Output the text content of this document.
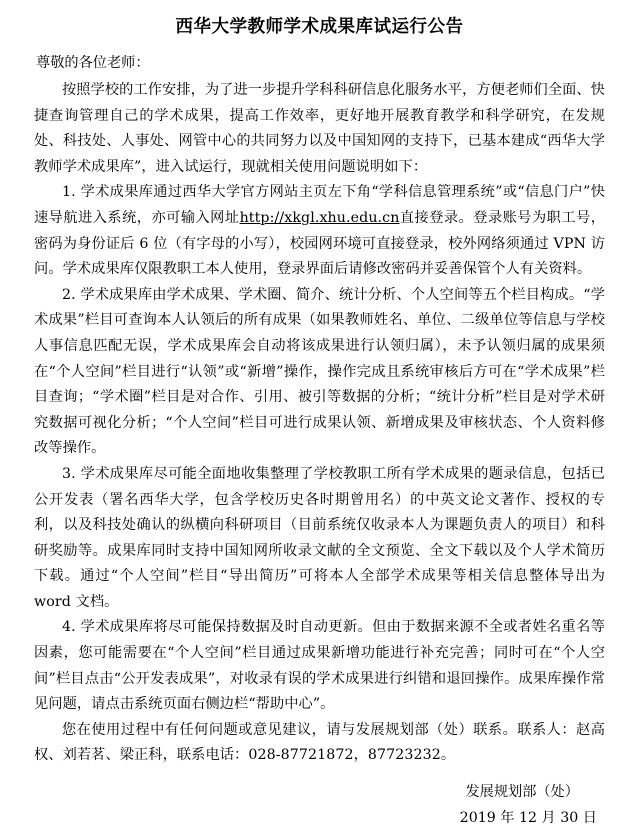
西华大学教师学术成果库试运行公告
尊敬的各位老师：

按照学校的工作安排，为了进一步提升学科科研信息化服务水平，方便老师们全面、快捷查询管理自己的学术成果，提高工作效率，更好地开展教育教学和科学研究，在发规处、科技处、人事处、网管中心的共同努力以及中国知网的支持下，已基本建成“西华大学教师学术成果库”，进入试运行，现就相关使用问题说明如下：

1. 学术成果库通过西华大学官方网站主页左下角“学科信息管理系统”或“信息门户”快速导航进入系统，亦可输入网址http://xkgl.xhu.edu.cn直接登录。登录账号为职工号，密码为身份证后 6 位（有字母的小写），校园网环境可直接登录，校外网络须通过 VPN 访问。学术成果库仅限教职工本人使用，登录界面后请修改密码并妥善保管个人有关资料。

2. 学术成果库由学术成果、学术圈、简介、统计分析、个人空间等五个栏目构成。“学术成果”栏目可查询本人认领后的所有成果（如果教师姓名、单位、二级单位等信息与学校人事信息匹配无误，学术成果库会自动将该成果进行认领归属），未予认领归属的成果须在“个人空间”栏目进行“认领”或“新增”操作，操作完成且系统审核后方可在“学术成果”栏目查询；“学术圈”栏目是对合作、引用、被引等数据的分析；“统计分析”栏目是对学术研究数据可视化分析；“个人空间”栏目可进行成果认领、新增成果及审核状态、个人资料修改等操作。

3. 学术成果库尽可能全面地收集整理了学校教职工所有学术成果的题录信息，包括已公开发表（署名西华大学，包含学校历史各时期曾用名）的中英文论文著作、授权的专利，以及科技处确认的纵横向科研项目（目前系统仅收录本人为课题负责人的项目）和科研奖励等。成果库同时支持中国知网所收录文献的全文预览、全文下载以及个人学术简历下载。通过“个人空间”栏目“导出简历”可将本人全部学术成果等相关信息整体导出为 word 文档。

4. 学术成果库将尽可能保持数据及时自动更新。但由于数据来源不全或者姓名重名等因素，您可能需要在“个人空间”栏目通过成果新增功能进行补充完善；同时可在“个人空间”栏目点击“公开发表成果”，对收录有误的学术成果进行纠错和退回操作。成果库操作常见问题，请点击系统页面右侧边栏“帮助中心”。

您在使用过程中有任何问题或意见建议，请与发展规划部（处）联系。联系人：赵高权、刘若茗、梁正科，联系电话：028-87721872，87723232。

发展规划部（处）
2019 年 12 月 30 日
